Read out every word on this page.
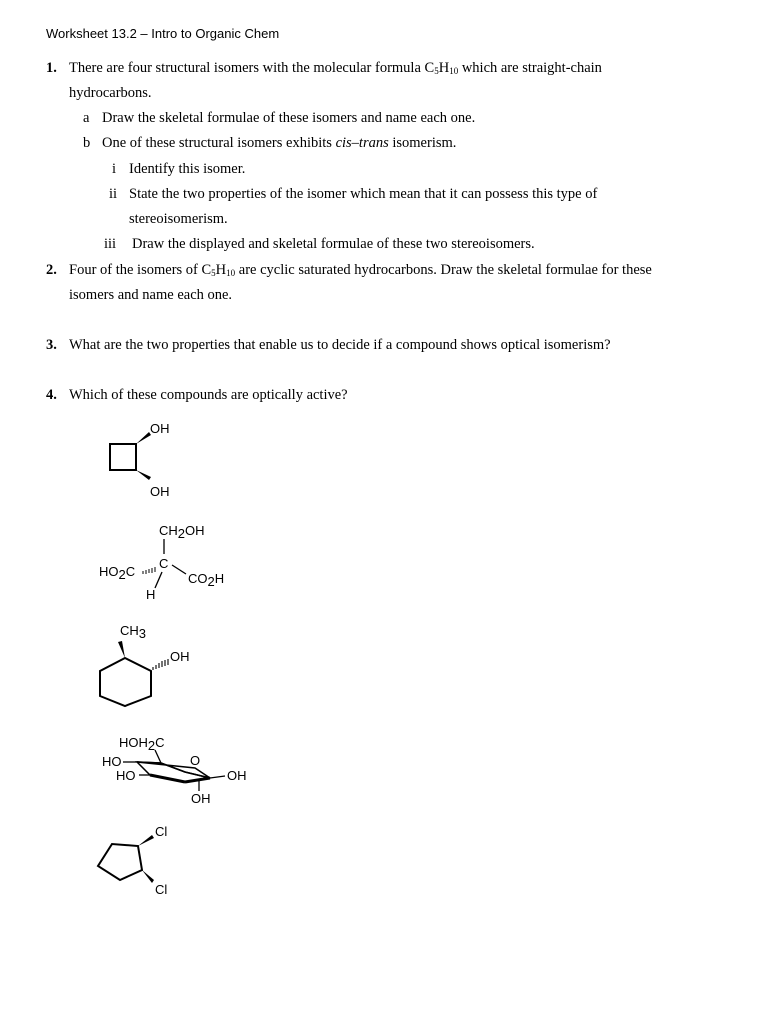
Worksheet 13.2 – Intro to Organic Chem
1. There are four structural isomers with the molecular formula $C_5H_{10}$ which are straight-chain
hydrocarbons.
a Draw the skeletal formulae of these isomers and name each one.
b One of these structural isomers exhibits cis–trans isomerism.
i Identify this isomer.
ii State the two properties of the isomer which mean that it can possess this type of
stereoisomerism.
iii Draw the displayed and skeletal formulae of these two stereoisomers.
2. Four of the isomers of $C_5H_{10}$ are cyclic saturated hydrocarbons. Draw the skeletal formulae for these
isomers and name each one.
3. What are the two properties that enable us to decide if a compound shows optical isomerism?
4. Which of these compounds are optically active?
OH
OH
CH2OH
C
HO2C
H
CO2H
CH3
OH
HOH2C
HO
HO
O
OH
OH
Cl
Cl
